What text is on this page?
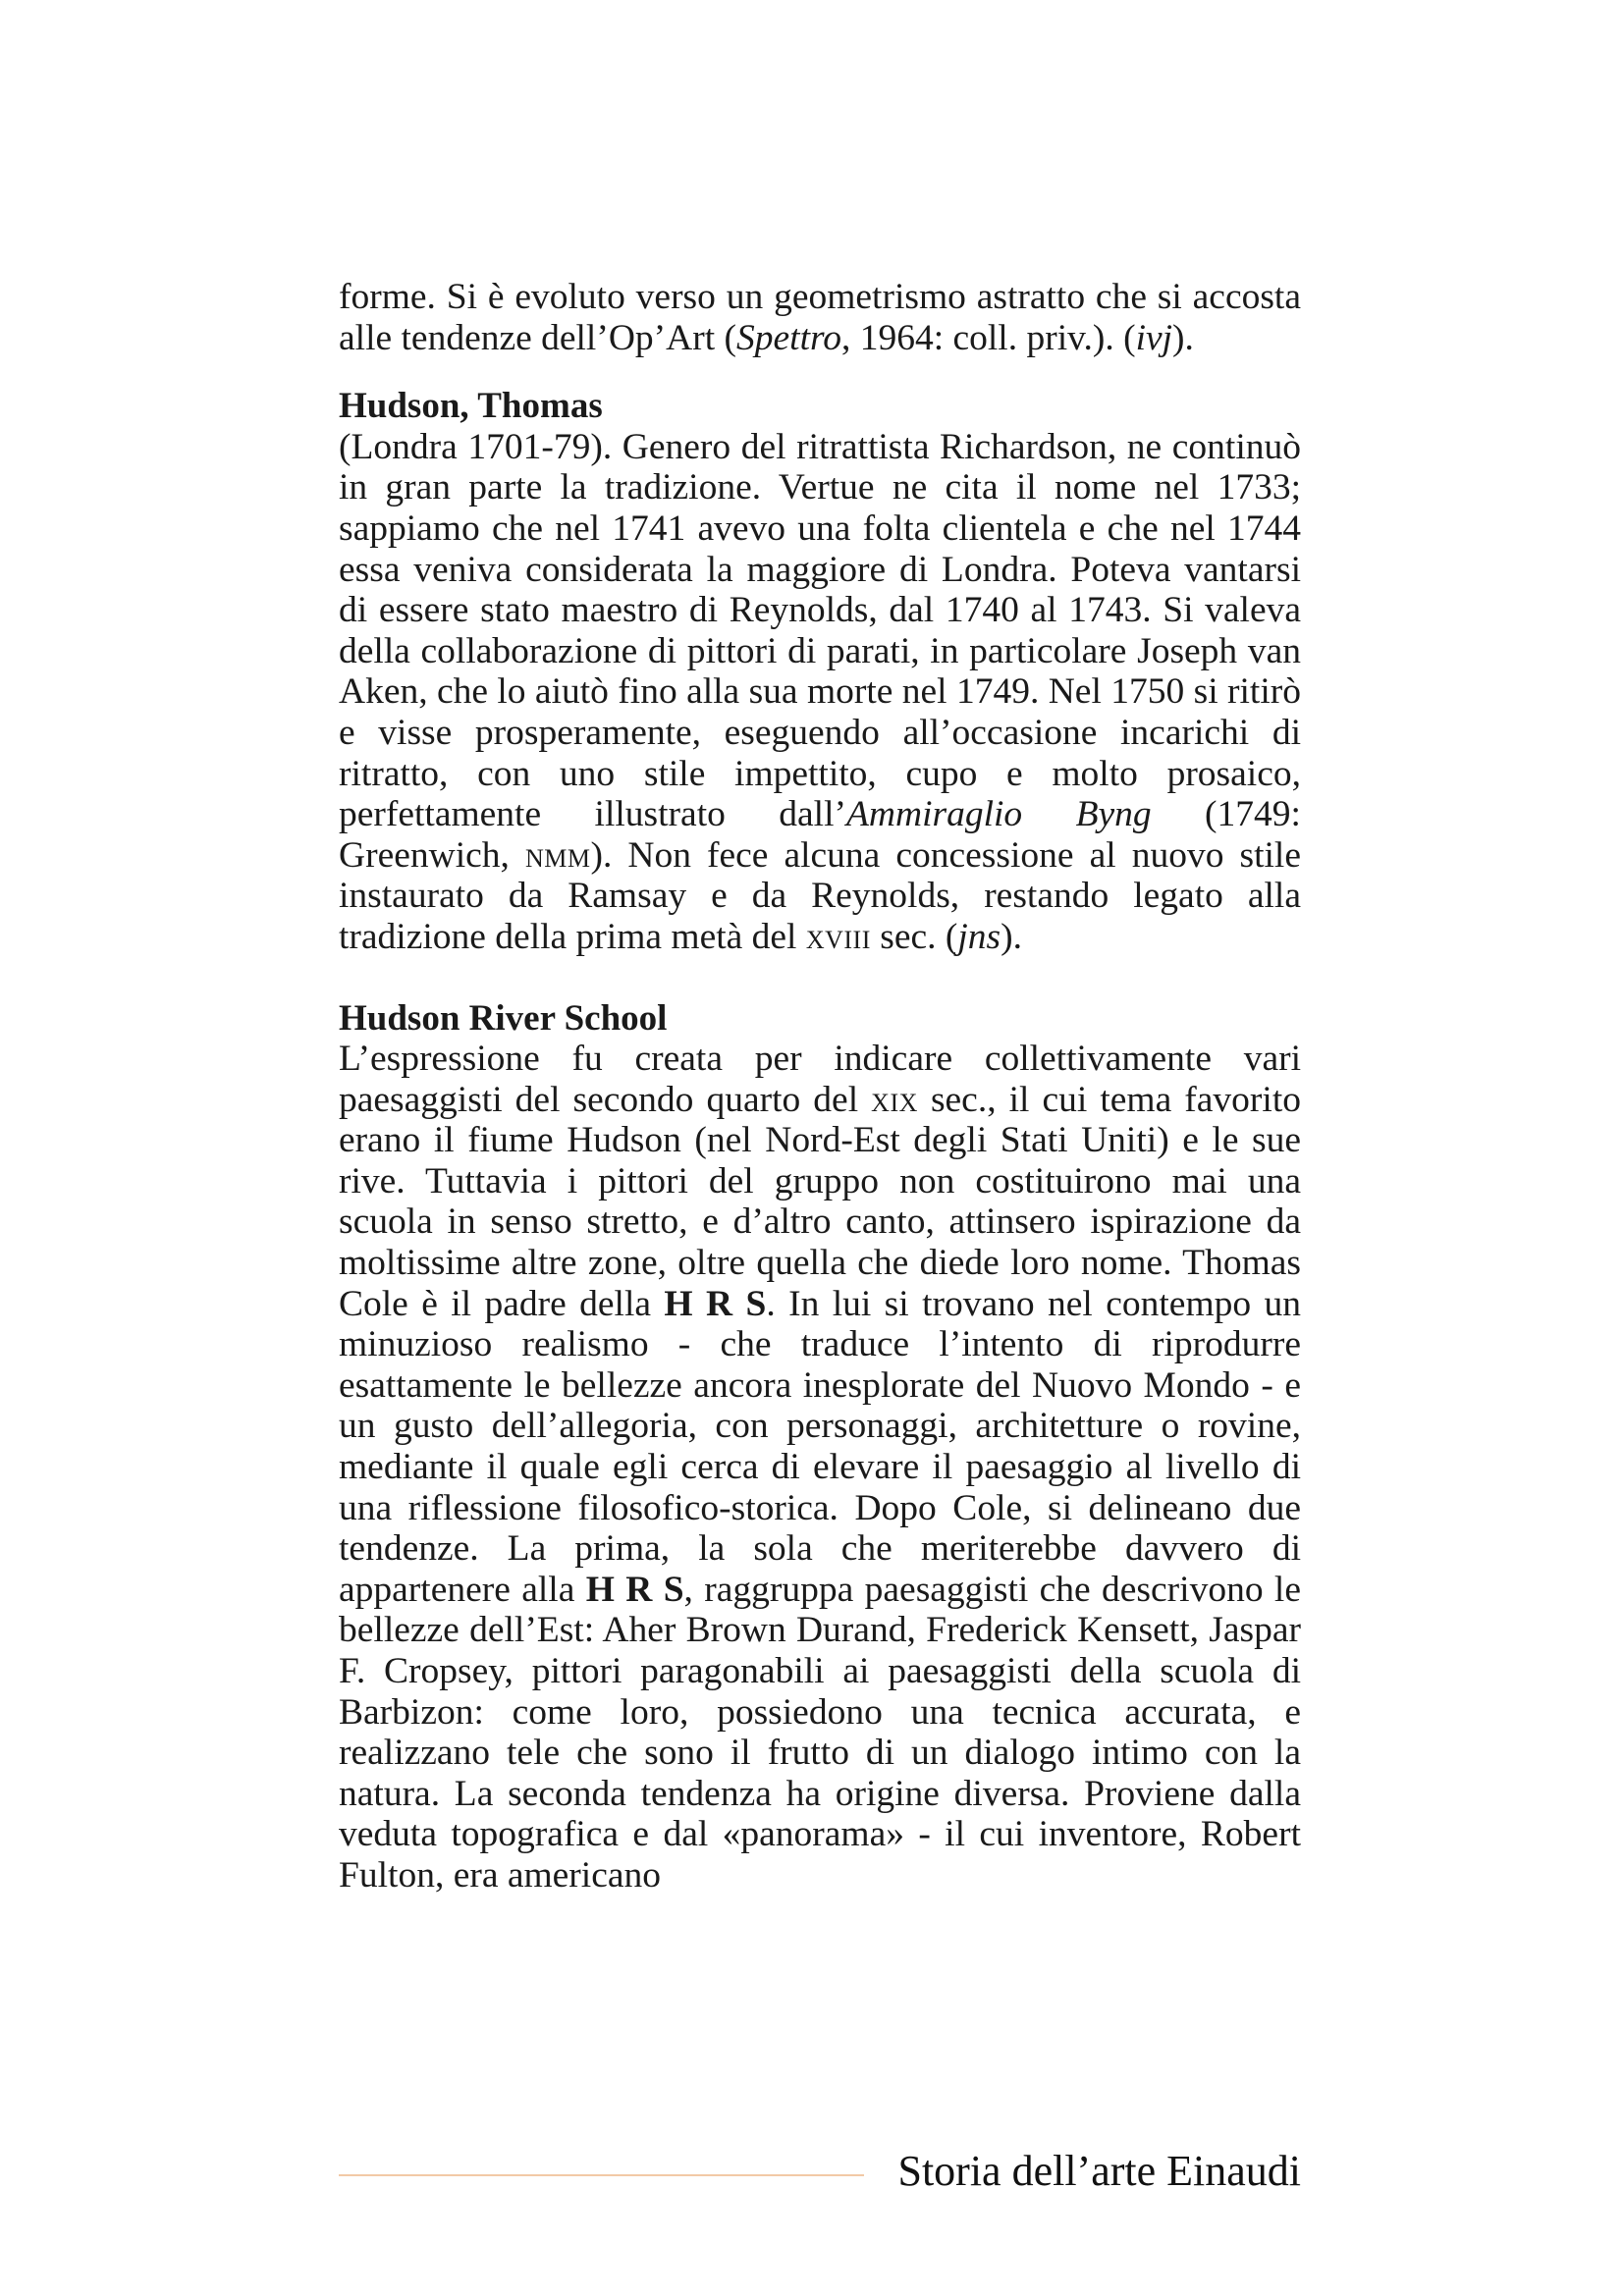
forme. Si è evoluto verso un geometrismo astratto che si accosta alle tendenze dell’Op’Art (Spettro, 1964: coll. priv.). (ivj).

Hudson, Thomas

(Londra 1701-79). Genero del ritrattista Richardson, ne continuò in gran parte la tradizione. Vertue ne cita il nome nel 1733; sappiamo che nel 1741 avevo una folta clientela e che nel 1744 essa veniva considerata la maggiore di Londra. Poteva vantarsi di essere stato maestro di Reynolds, dal 1740 al 1743. Si valeva della collaborazione di pittori di parati, in particolare Joseph van Aken, che lo aiutò fino alla sua morte nel 1749. Nel 1750 si ritirò e visse prosperamente, eseguendo all’occasione incarichi di ritratto, con uno stile impettito, cupo e molto prosaico, perfettamente illustrato dall’Ammiraglio Byng (1749: Greenwich, nmm). Non fece alcuna concessione al nuovo stile instaurato da Ramsay e da Reynolds, restando legato alla tradizione della prima metà del xviii sec. (jns).

Hudson River School

L’espressione fu creata per indicare collettivamente vari paesaggisti del secondo quarto del xix sec., il cui tema favorito erano il fiume Hudson (nel Nord-Est degli Stati Uniti) e le sue rive. Tuttavia i pittori del gruppo non costituirono mai una scuola in senso stretto, e d’altro canto, attinsero ispirazione da moltissime altre zone, oltre quella che diede loro nome. Thomas Cole è il padre della H R S. In lui si trovano nel contempo un minuzioso realismo - che traduce l’intento di riprodurre esattamente le bellezze ancora inesplorate del Nuovo Mondo - e un gusto dell’allegoria, con personaggi, architetture o rovine, mediante il quale egli cerca di elevare il paesaggio al livello di una riflessione filosofico-storica. Dopo Cole, si delineano due tendenze. La prima, la sola che meriterebbe davvero di appartenere alla H R S, raggruppa paesaggisti che descrivono le bellezze dell’Est: Aher Brown Durand, Frederick Kensett, Jaspar F. Cropsey, pittori paragonabili ai paesaggisti della scuola di Barbizon: come loro, possiedono una tecnica accurata, e realizzano tele che sono il frutto di un dialogo intimo con la natura. La seconda tendenza ha origine diversa. Proviene dalla veduta topografica e dal «panorama» - il cui inventore, Robert Fulton, era americano

Storia dell’arte Einaudi
